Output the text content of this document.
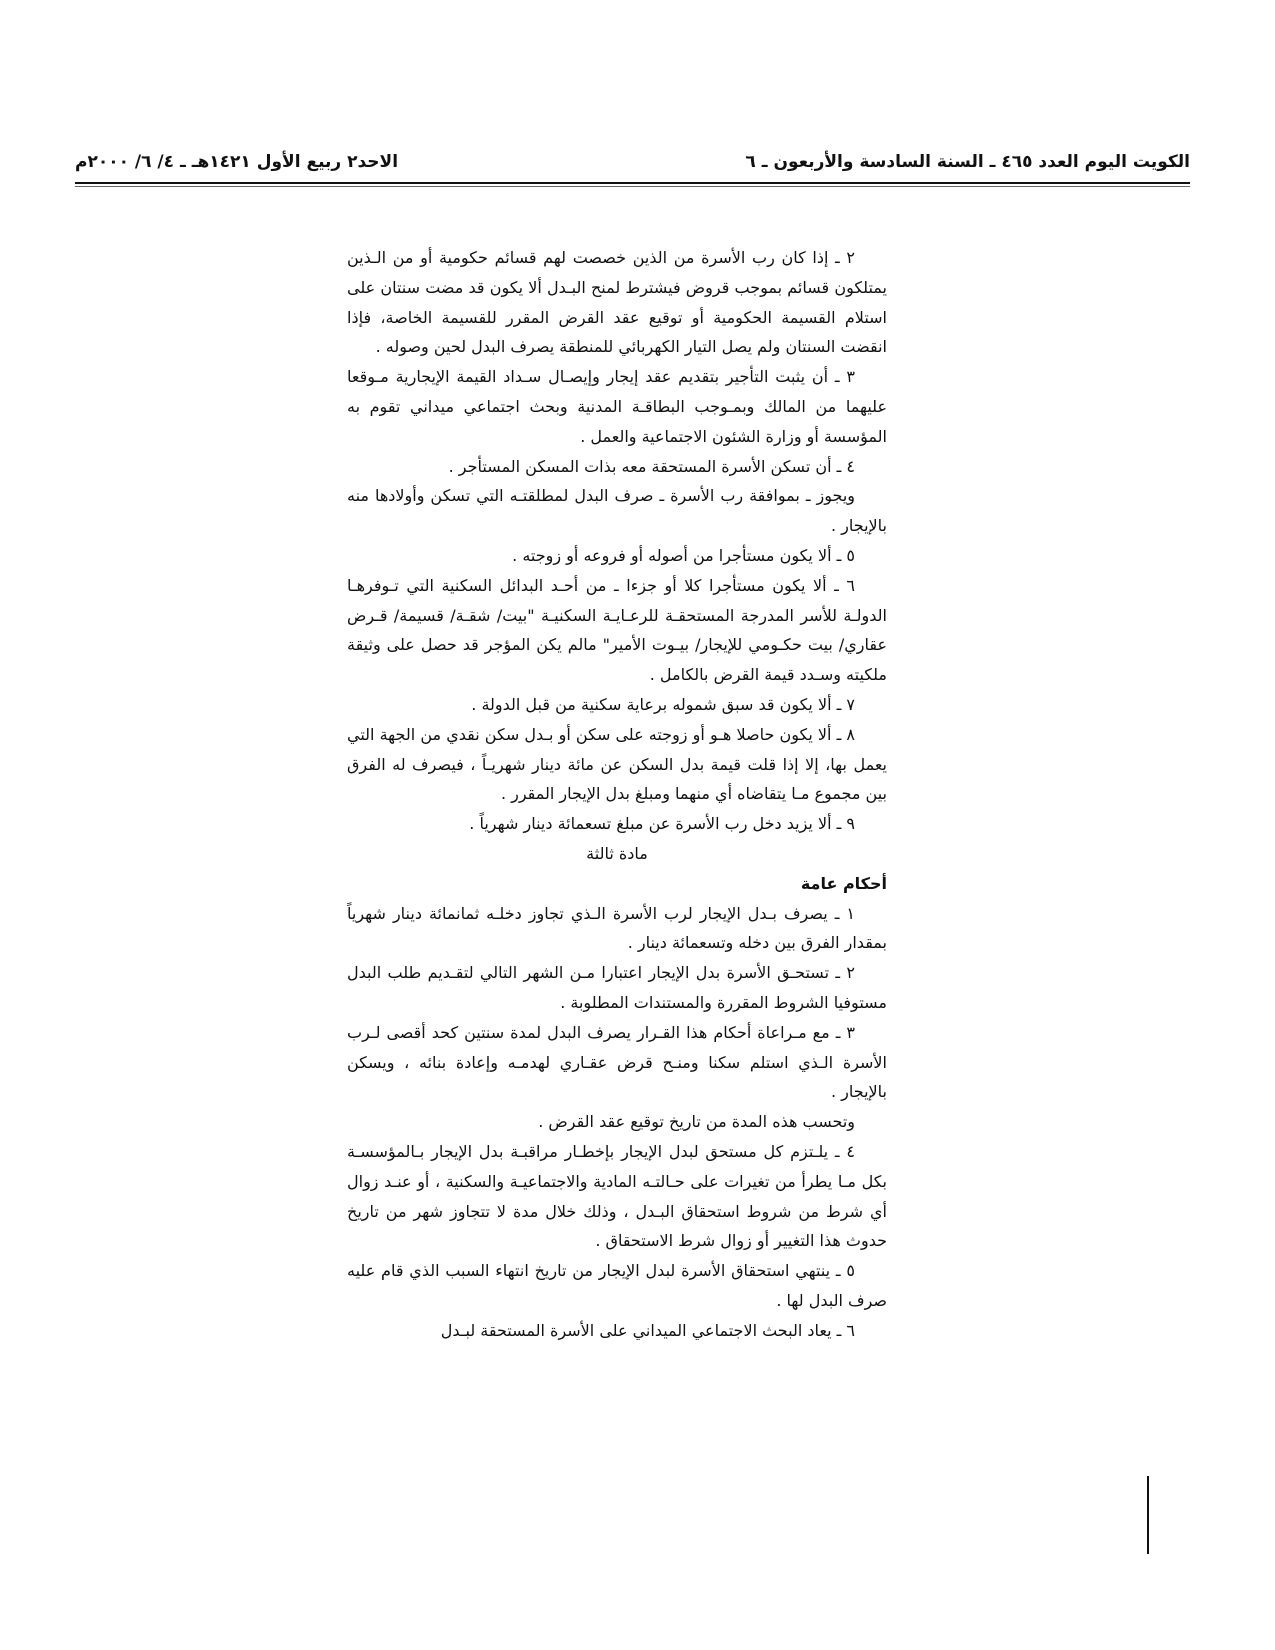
الكويت اليوم العدد ٤٦٥ ـ السنة السادسة والأربعون ـ ٦
الاحد٢ ربيع الأول ١٤٢١هـ ـ ٤/ ٦/ ٢٠٠٠م

٢ ـ إذا كان رب الأسرة من الذين خصصت لهم قسائم حكومية أو من الـذين يمتلكون قسائم بموجب قروض فيشترط لمنح البـدل ألا يكون قد مضت سنتان على استلام القسيمة الحكومية أو توقيع عقد القرض المقرر للقسيمة الخاصة، فإذا انقضت السنتان ولم يصل التيار الكهربائي للمنطقة يصرف البدل لحين وصوله .

٣ ـ أن يثبت التأجير بتقديم عقد إيجار وإيصـال سـداد القيمة الإيجارية مـوقعا عليهما من المالك وبمـوجب البطاقـة المدنية وبحث اجتماعي ميداني تقوم به المؤسسة أو وزارة الشئون الاجتماعية والعمل .

٤ ـ أن تسكن الأسرة المستحقة معه بذات المسكن المستأجر .

ويجوز ـ بموافقة رب الأسرة ـ صرف البدل لمطلقتـه التي تسكن وأولادها منه بالإيجار .

٥ ـ ألا يكون مستأجرا من أصوله أو فروعه أو زوجته .

٦ ـ ألا يكون مستأجرا كلا أو جزءا ـ من أحـد البدائل السكنية التي تـوفرهـا الدولـة للأسر المدرجة المستحقـة للرعـايـة السكنيـة "بيت/ شقـة/ قسيمة/ قـرض عقاري/ بيت حكـومي للإيجار/ بيـوت الأمير" مالم يكن المؤجر قد حصل على وثيقة ملكيته وسـدد قيمة القرض بالكامل .

٧ ـ ألا يكون قد سبق شموله برعاية سكنية من قبل الدولة .

٨ ـ ألا يكون حاصلا هـو أو زوجته على سكن أو بـدل سكن نقدي من الجهة التي يعمل بها، إلا إذا قلت قيمة بدل السكن عن مائة دينار شهريـاً ، فيصرف له الفرق بين مجموع مـا يتقاضاه أي منهما ومبلغ بدل الإيجار المقرر .

٩ ـ ألا يزيد دخل رب الأسرة عن مبلغ تسعمائة دينار شهرياً .

مادة ثالثة

أحكام عامة

١ ـ يصرف بـدل الإيجار لرب الأسرة الـذي تجاوز دخلـه ثمانمائة دينار شهرياً بمقدار الفرق بين دخله وتسعمائة دينار .

٢ ـ تستحـق الأسرة بدل الإيجار اعتبارا مـن الشهر التالي لتقـديم طلب البدل مستوفيا الشروط المقررة والمستندات المطلوبة .

٣ ـ مع مـراعاة أحكام هذا القـرار يصرف البدل لمدة سنتين كحد أقصى لـرب الأسرة الـذي استلم سكنا ومنـح قرض عقـاري لهدمـه وإعادة بنائه ، ويسكن بالإيجار .

وتحسب هذه المدة من تاريخ توقيع عقد القرض .

٤ ـ يلـتزم كل مستحق لبدل الإيجار بإخطـار مراقبـة بدل الإيجار بـالمؤسسـة بكل مـا يطرأ من تغيرات على حـالتـه المادية والاجتماعيـة والسكنية ، أو عنـد زوال أي شرط من شروط استحقاق البـدل ، وذلك خلال مدة لا تتجاوز شهر من تاريخ حدوث هذا التغيير أو زوال شرط الاستحقاق .

٥ ـ ينتهي استحقاق الأسرة لبدل الإيجار من تاريخ انتهاء السبب الذي قام عليه صرف البدل لها .

٦ ـ يعاد البحث الاجتماعي الميداني على الأسرة المستحقة لبـدل
